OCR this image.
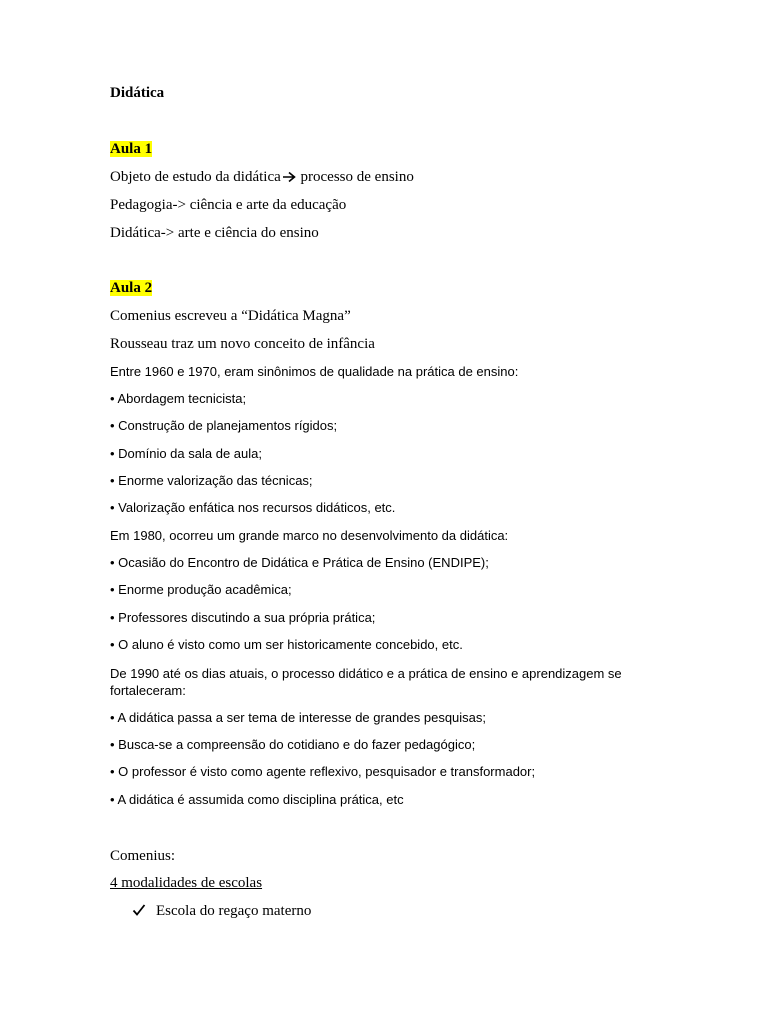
Didática
Aula 1
Objeto de estudo da didática processo de ensino
Pedagogia-> ciência e arte da educação
Didática-> arte e ciência do ensino
Aula 2
Comenius escreveu a “Didática Magna”
Rousseau traz um novo conceito de infância
Entre 1960 e 1970, eram sinônimos de qualidade na prática de ensino:
• Abordagem tecnicista;
• Construção de planejamentos rígidos;
• Domínio da sala de aula;
• Enorme valorização das técnicas;
• Valorização enfática nos recursos didáticos, etc.
Em 1980, ocorreu um grande marco no desenvolvimento da didática:
• Ocasião do Encontro de Didática e Prática de Ensino (ENDIPE);
• Enorme produção acadêmica;
• Professores discutindo a sua própria prática;
• O aluno é visto como um ser historicamente concebido, etc.
De 1990 até os dias atuais, o processo didático e a prática de ensino e aprendizagem se fortaleceram:
• A didática passa a ser tema de interesse de grandes pesquisas;
• Busca-se a compreensão do cotidiano e do fazer pedagógico;
• O professor é visto como agente reflexivo, pesquisador e transformador;
• A didática é assumida como disciplina prática, etc
Comenius:
4 modalidades de escolas
Escola do regaço materno
